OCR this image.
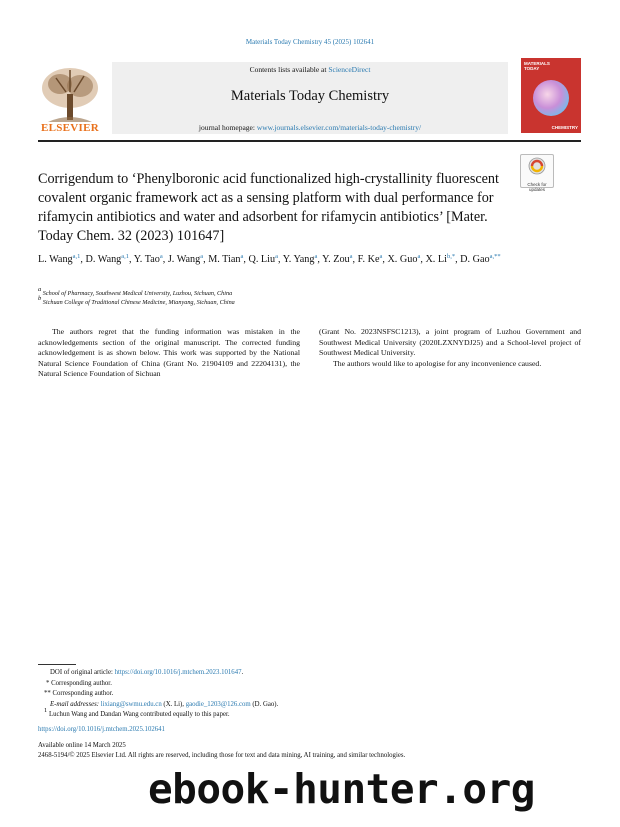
Materials Today Chemistry 45 (2025) 102641
ELSEVIER
Contents lists available at ScienceDirect
Materials Today Chemistry
journal homepage: www.journals.elsevier.com/materials-today-chemistry/
MATERIALS TODAY
CHEMISTRY
Corrigendum to ‘Phenylboronic acid functionalized high-crystallinity fluorescent covalent organic framework act as a sensing platform with dual performance for rifamycin antibiotics and water and adsorbent for rifamycin antibiotics’ [Mater. Today Chem. 32 (2023) 101647]
Check for updates
L. Wang$^{a,1}$, D. Wang$^{a,1}$, Y. Tao$^a$, J. Wang$^a$, M. Tian$^a$, Q. Liu$^a$, Y. Yang$^a$, Y. Zou$^a$, F. Ke$^a$, X. Guo$^a$, X. $Li^{b,*}$, D. Gao$^{a,**}$
$^a$ School of Pharmacy, Southwest Medical University, Luzhou, Sichuan, China
$^b$ Sichuan College of Traditional Chinese Medicine, Mianyang, Sichuan, China

The authors regret that the funding information was mistaken in the acknowledgements section of the original manuscript. The corrected funding acknowledgement is as shown below. This work was supported by the National Natural Science Foundation of China (Grant No. 21904109 and 22204131), the Natural Science Foundation of Sichuan

(Grant No. 2023NSFSC1213), a joint program of Luzhou Government and Southwest Medical University (2020LZXNYDJ25) and a School-level project of Southwest Medical University.

The authors would like to apologise for any inconvenience caused.

DOI of original article: https://doi.org/10.1016/j.mtchem.2023.101647.
* Corresponding author.
** Corresponding author.
E-mail addresses: lixiang@swmu.edu.cn (X. Li), gaodie_1203@126.com (D. Gao).
$^1$ Luchun Wang and Dandan Wang contributed equally to this paper.
https://doi.org/10.1016/j.mtchem.2025.102641
Available online 14 March 2025
2468-5194/© 2025 Elsevier Ltd. All rights are reserved, including those for text and data mining, AI training, and similar technologies.
ebook-hunter.org
